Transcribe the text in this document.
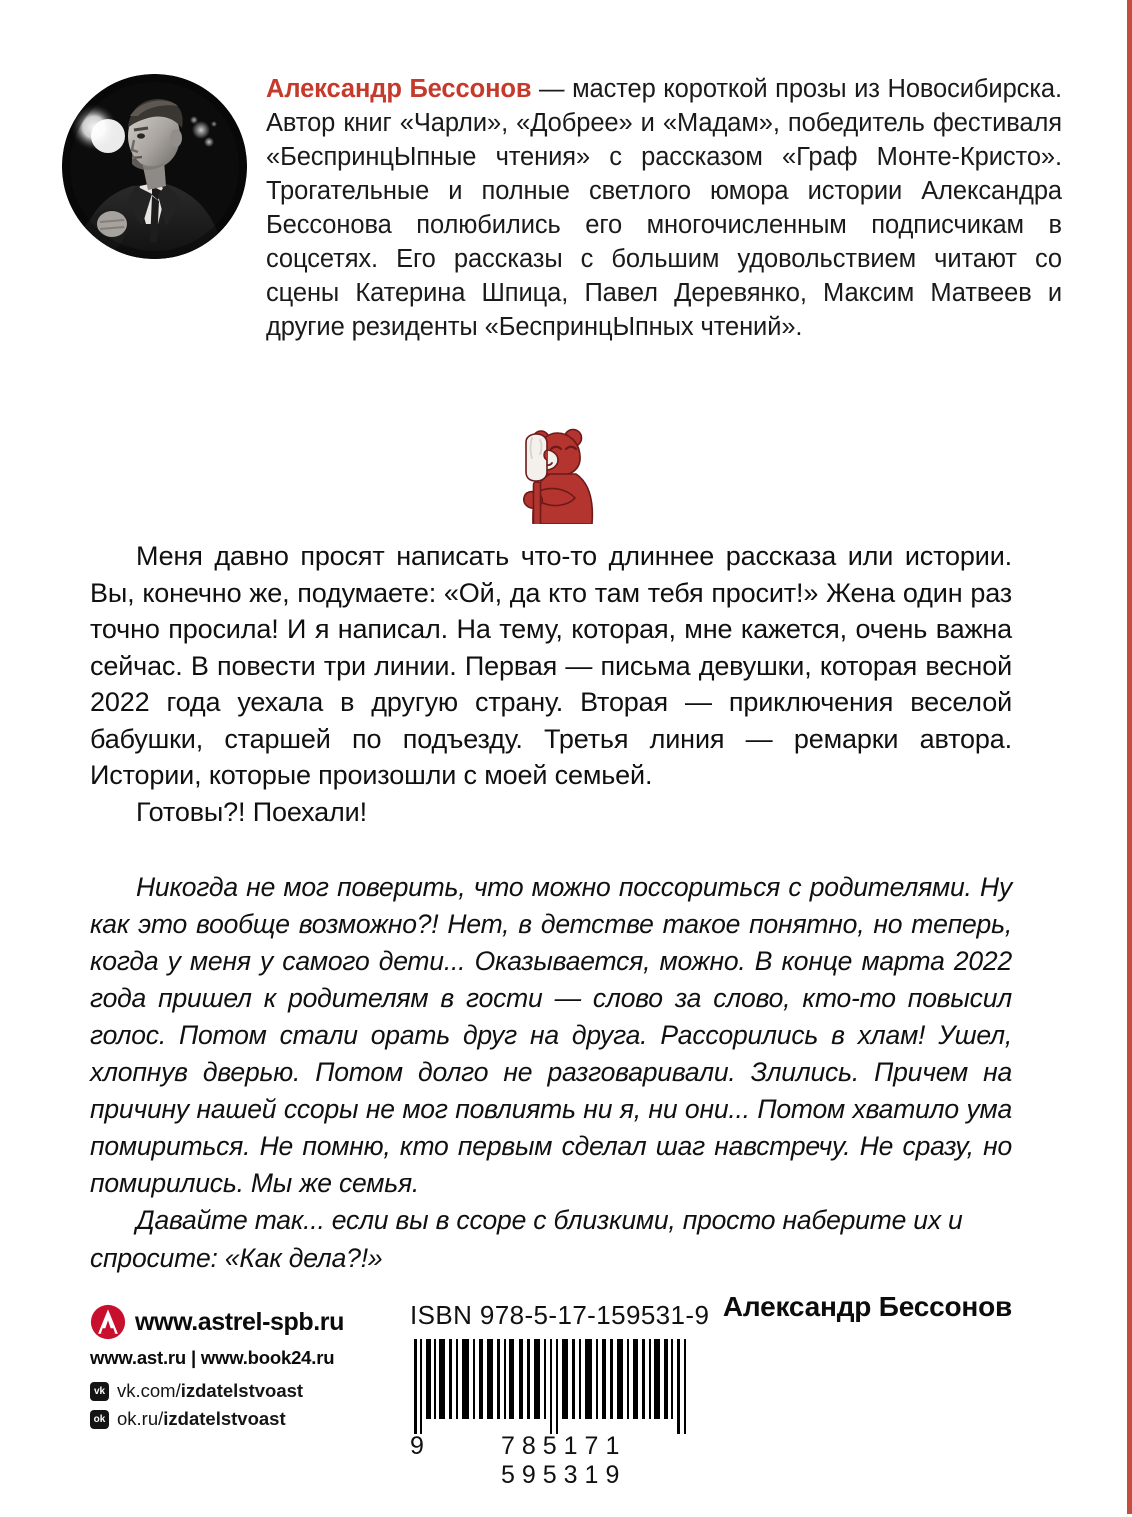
Александр Бессонов — мастер короткой прозы из Новосибирска. Автор книг «Чарли», «Добрее» и «Мадам», победитель фестиваля «БеспринцЫпные чтения» с рассказом «Граф Монте-Кристо». Трогательные и полные светлого юмора истории Александра Бессонова полюбились его многочисленным подписчикам в соцсетях. Его рассказы с большим удовольствием читают со сцены Катерина Шпица, Павел Деревянко, Максим Матвеев и другие резиденты «БеспринцЫпных чтений».

Меня давно просят написать что-то длиннее рассказа или истории. Вы, конечно же, подумаете: «Ой, да кто там тебя просит!» Жена один раз точно просила! И я написал. На тему, которая, мне кажется, очень важна сейчас. В повести три линии. Первая — письма девушки, которая весной 2022 года уехала в другую страну. Вторая — приключения веселой бабушки, старшей по подъезду. Третья линия — ремарки автора. Истории, которые произошли с моей семьей.

Готовы?! Поехали!

Никогда не мог поверить, что можно поссориться с родителями. Ну как это вообще возможно?! Нет, в детстве такое понятно, но теперь, когда у меня у самого дети... Оказывается, можно. В конце марта 2022 года пришел к родителям в гости — слово за слово, кто-то повысил голос. Потом стали орать друг на друга. Рассорились в хлам! Ушел, хлопнув дверью. Потом долго не разговаривали. Злились. Причем на причину нашей ссоры не мог повлиять ни я, ни они... Потом хватило ума помириться. Не помню, кто первым сделал шаг навстречу. Не сразу, но помирились. Мы же семья.

Давайте так... если вы в ссоре с близкими, просто наберите их и спросите: «Как дела?!»

Александр Бессонов
www.astrel-spb.ru
www.ast.ru | www.book24.ru
vk vk.com/izdatelstvoast
ok ok.ru/izdatelstvoast
ISBN 978-5-17-159531-9
9	785171 595319
